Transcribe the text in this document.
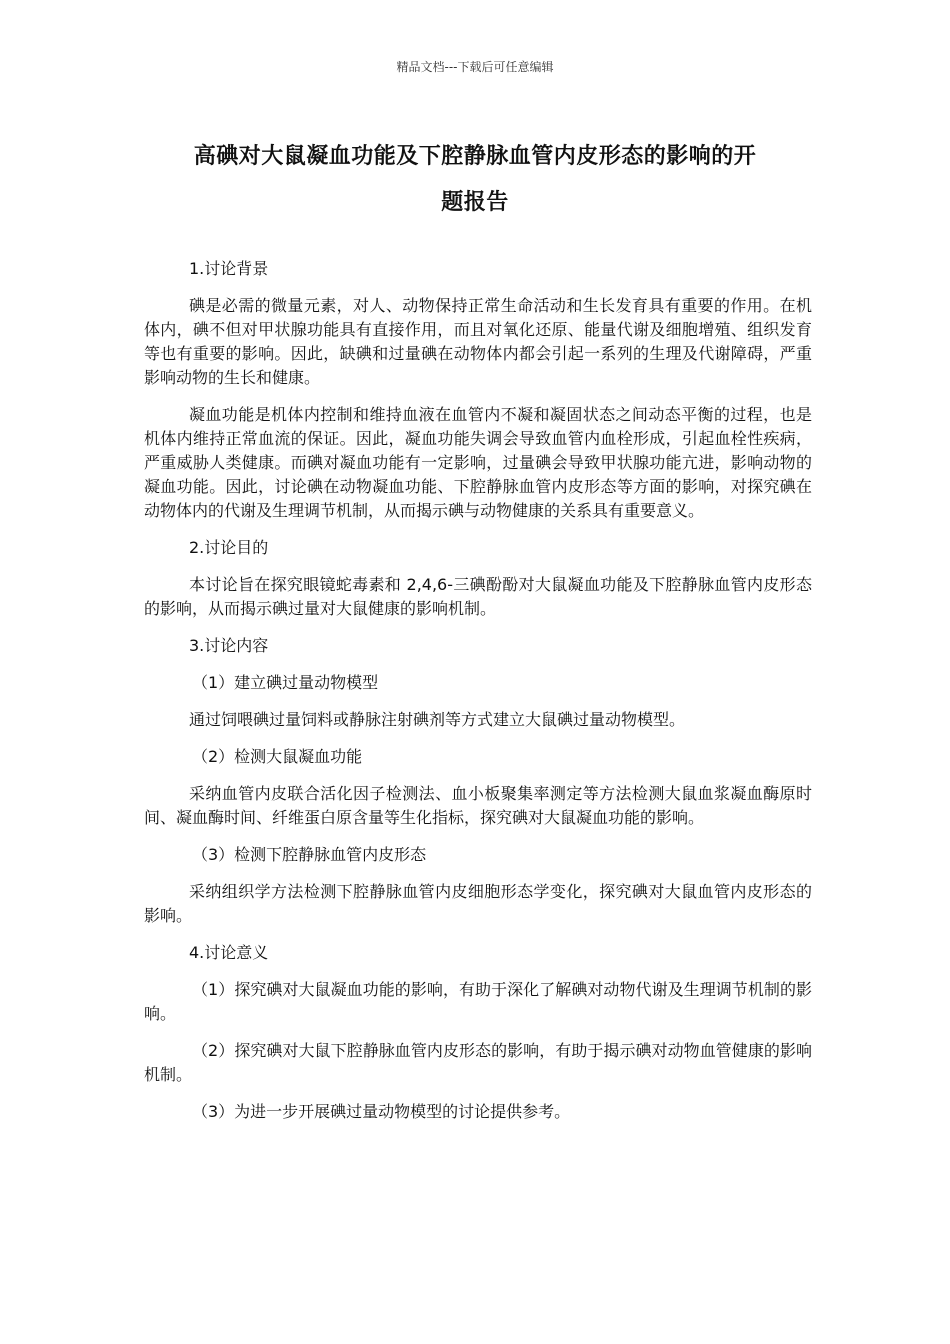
精品文档---下载后可任意编辑
高碘对大鼠凝血功能及下腔静脉血管内皮形态的影响的开
题报告

1.讨论背景

碘是必需的微量元素，对人、动物保持正常生命活动和生长发育具有重要的作用。在机体内，碘不但对甲状腺功能具有直接作用，而且对氧化还原、能量代谢及细胞增殖、组织发育等也有重要的影响。因此，缺碘和过量碘在动物体内都会引起一系列的生理及代谢障碍，严重影响动物的生长和健康。

凝血功能是机体内控制和维持血液在血管内不凝和凝固状态之间动态平衡的过程，也是机体内维持正常血流的保证。因此，凝血功能失调会导致血管内血栓形成，引起血栓性疾病，严重威胁人类健康。而碘对凝血功能有一定影响，过量碘会导致甲状腺功能亢进，影响动物的凝血功能。因此，讨论碘在动物凝血功能、下腔静脉血管内皮形态等方面的影响，对探究碘在动物体内的代谢及生理调节机制，从而揭示碘与动物健康的关系具有重要意义。

2.讨论目的

本讨论旨在探究眼镜蛇毒素和 2,4,6-三碘酚酚对大鼠凝血功能及下腔静脉血管内皮形态的影响，从而揭示碘过量对大鼠健康的影响机制。

3.讨论内容

（1）建立碘过量动物模型

通过饲喂碘过量饲料或静脉注射碘剂等方式建立大鼠碘过量动物模型。

（2）检测大鼠凝血功能

采纳血管内皮联合活化因子检测法、血小板聚集率测定等方法检测大鼠血浆凝血酶原时间、凝血酶时间、纤维蛋白原含量等生化指标，探究碘对大鼠凝血功能的影响。

（3）检测下腔静脉血管内皮形态

采纳组织学方法检测下腔静脉血管内皮细胞形态学变化，探究碘对大鼠血管内皮形态的影响。

4.讨论意义

（1）探究碘对大鼠凝血功能的影响，有助于深化了解碘对动物代谢及生理调节机制的影响。

（2）探究碘对大鼠下腔静脉血管内皮形态的影响，有助于揭示碘对动物血管健康的影响机制。

（3）为进一步开展碘过量动物模型的讨论提供参考。
